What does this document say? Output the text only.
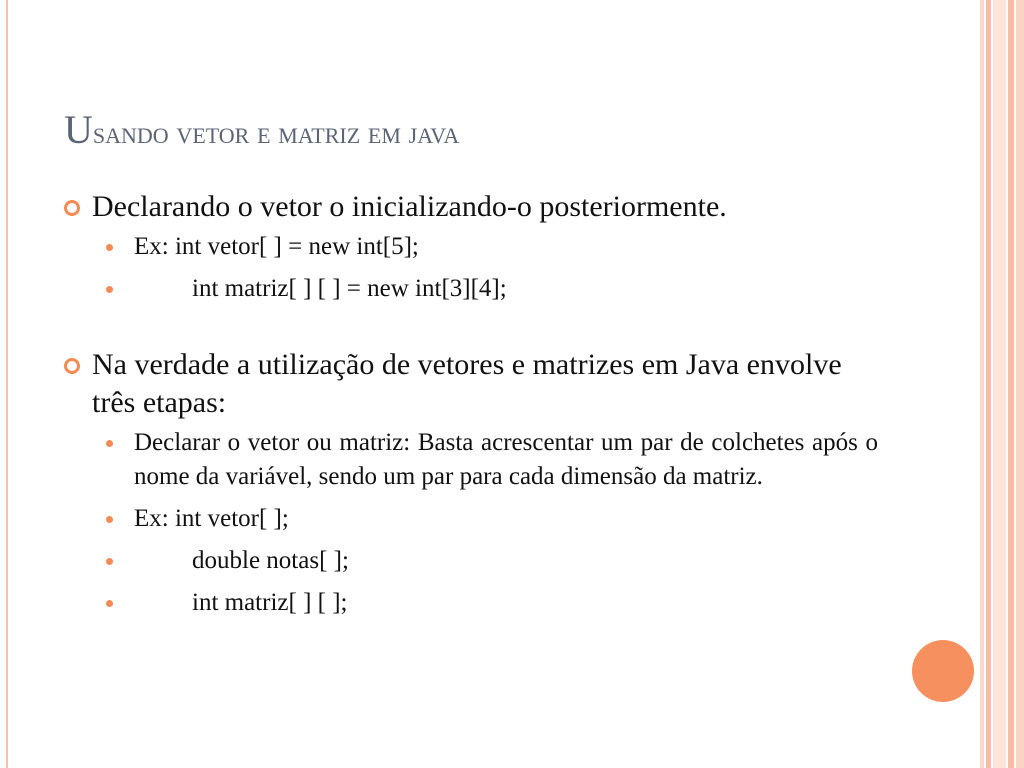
Usando vetor e matriz em java
Declarando o vetor o inicializando-o posteriormente.
Ex: int vetor[ ] = new int[5];
int matriz[ ] [ ] = new int[3][4];
Na verdade a utilização de vetores e matrizes em Java envolve três etapas:
Declarar o vetor ou matriz: Basta acrescentar um par de colchetes após o nome da variável, sendo um par para cada dimensão da matriz.
Ex: int vetor[ ];
double notas[ ];
int matriz[ ] [ ];
